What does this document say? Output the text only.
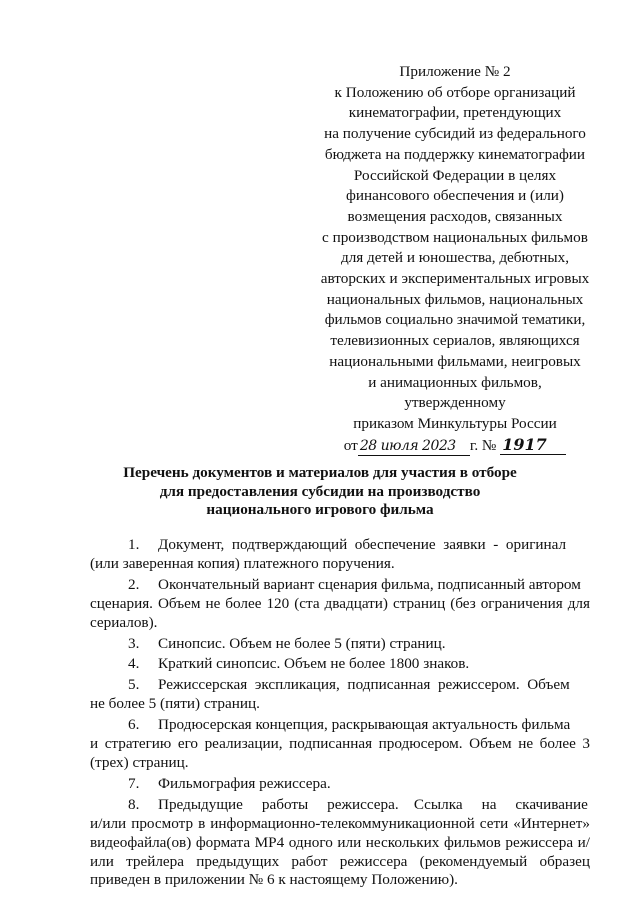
Приложение № 2
к Положению об отборе организаций
кинематографии, претендующих
на получение субсидий из федерального
бюджета на поддержку кинематографии
Российской Федерации в целях
финансового обеспечения и (или)
возмещения расходов, связанных
с производством национальных фильмов
для детей и юношества, дебютных,
авторских и экспериментальных игровых
национальных фильмов, национальных
фильмов социально значимой тематики,
телевизионных сериалов, являющихся
национальными фильмами, неигровых
и анимационных фильмов,
утвержденному
приказом Минкультуры России
от 28 июля 2023 г. № 1917
Перечень документов и материалов для участия в отборе
для предоставления субсидии на производство
национального игрового фильма
1. Документ,  подтверждающий  обеспечение  заявки  -  оригинал
(или заверенная копия) платежного поручения.
2. Окончательный вариант сценария фильма, подписанный автором
сценария. Объем не более 120 (ста двадцати) страниц (без ограничения для сериалов).
3. Синопсис. Объем не более 5 (пяти) страниц.
4. Краткий синопсис. Объем не более 1800 знаков.
5. Режиссерская  экспликация,  подписанная  режиссером.  Объем
не более 5 (пяти) страниц.
6. Продюсерская концепция, раскрывающая актуальность фильма
и стратегию его реализации, подписанная продюсером. Объем не более 3 (трех) страниц.
7. Фильмография режиссера.
8. Предыдущие     работы     режиссера.    Ссылка     на     скачивание
и/или просмотр в информационно-телекоммуникационной сети «Интернет» видеофайла(ов) формата MP4 одного или нескольких фильмов режиссера и/или трейлера предыдущих работ режиссера (рекомендуемый образец приведен в приложении № 6 к настоящему Положению).
